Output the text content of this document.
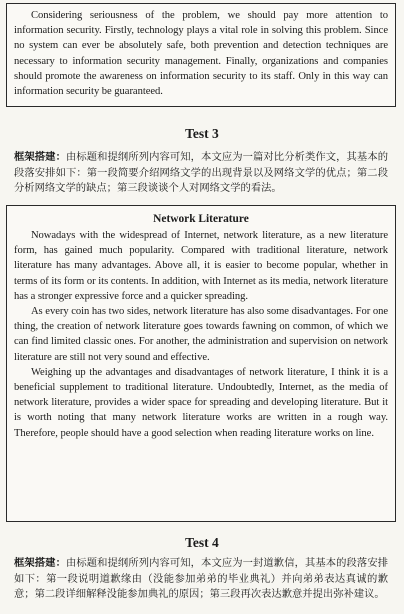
Considering seriousness of the problem, we should pay more attention to information security. Firstly, technology plays a vital role in solving this problem. Since no system can ever be absolutely safe, both prevention and detection techniques are necessary to information security management. Finally, organizations and companies should promote the awareness on information security to its staff. Only in this way can information security be guaranteed.

Test 3
框架搭建：由标题和提纲所列内容可知，本文应为一篇对比分析类作文，其基本的段落安排如下：第一段简要介绍网络文学的出现背景以及网络文学的优点；第二段分析网络文学的缺点；第三段谈谈个人对网络文学的看法。
Network Literature

Nowadays with the widespread of Internet, network literature, as a new literature form, has gained much popularity. Compared with traditional literature, network literature has many advantages. Above all, it is easier to become popular, whether in terms of its form or its contents. In addition, with Internet as its media, network literature has a stronger expressive force and a quicker spreading.

As every coin has two sides, network literature has also some disadvantages. For one thing, the creation of network literature goes towards fawning on common, of which we can find limited classic ones. For another, the administration and supervision on network literature are still not very sound and effective.

Weighing up the advantages and disadvantages of network literature, I think it is a beneficial supplement to traditional literature. Undoubtedly, Internet, as the media of network literature, provides a wider space for spreading and developing literature. But it is worth noting that many network literature works are written in a rough way. Therefore, people should have a good selection when reading literature works on line.

Test 4
框架搭建：由标题和提纲所列内容可知，本文应为一封道歉信，其基本的段落安排如下：第一段说明道歉缘由（没能参加弟弟的毕业典礼）并向弟弟表达真诚的歉意；第二段详细解释没能参加典礼的原因；第三段再次表达歉意并提出弥补建议。
